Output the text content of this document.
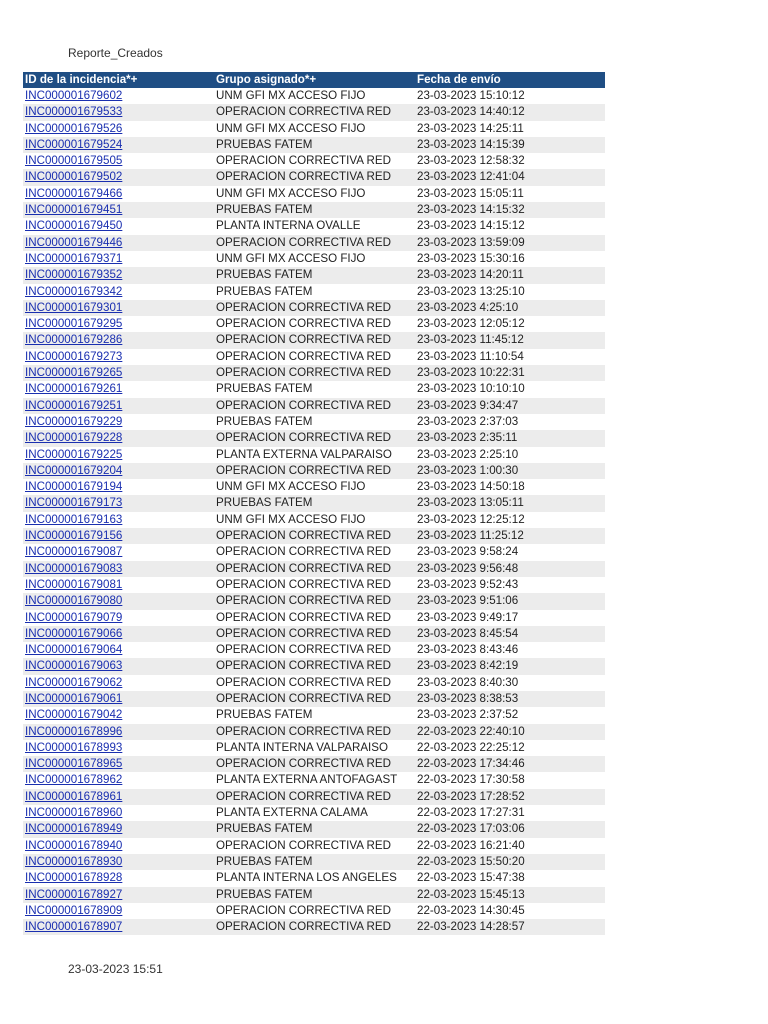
Reporte_Creados
ID de la incidencia*+	Grupo asignado*+	Fecha de envío
INC000001679602	UNM GFI MX ACCESO FIJO	23-03-2023 15:10:12
INC000001679533	OPERACION CORRECTIVA RED	23-03-2023 14:40:12
INC000001679526	UNM GFI MX ACCESO FIJO	23-03-2023 14:25:11
INC000001679524	PRUEBAS FATEM	23-03-2023 14:15:39
INC000001679505	OPERACION CORRECTIVA RED	23-03-2023 12:58:32
INC000001679502	OPERACION CORRECTIVA RED	23-03-2023 12:41:04
INC000001679466	UNM GFI MX ACCESO FIJO	23-03-2023 15:05:11
INC000001679451	PRUEBAS FATEM	23-03-2023 14:15:32
INC000001679450	PLANTA INTERNA OVALLE	23-03-2023 14:15:12
INC000001679446	OPERACION CORRECTIVA RED	23-03-2023 13:59:09
INC000001679371	UNM GFI MX ACCESO FIJO	23-03-2023 15:30:16
INC000001679352	PRUEBAS FATEM	23-03-2023 14:20:11
INC000001679342	PRUEBAS FATEM	23-03-2023 13:25:10
INC000001679301	OPERACION CORRECTIVA RED	23-03-2023 4:25:10
INC000001679295	OPERACION CORRECTIVA RED	23-03-2023 12:05:12
INC000001679286	OPERACION CORRECTIVA RED	23-03-2023 11:45:12
INC000001679273	OPERACION CORRECTIVA RED	23-03-2023 11:10:54
INC000001679265	OPERACION CORRECTIVA RED	23-03-2023 10:22:31
INC000001679261	PRUEBAS FATEM	23-03-2023 10:10:10
INC000001679251	OPERACION CORRECTIVA RED	23-03-2023 9:34:47
INC000001679229	PRUEBAS FATEM	23-03-2023 2:37:03
INC000001679228	OPERACION CORRECTIVA RED	23-03-2023 2:35:11
INC000001679225	PLANTA EXTERNA VALPARAISO	23-03-2023 2:25:10
INC000001679204	OPERACION CORRECTIVA RED	23-03-2023 1:00:30
INC000001679194	UNM GFI MX ACCESO FIJO	23-03-2023 14:50:18
INC000001679173	PRUEBAS FATEM	23-03-2023 13:05:11
INC000001679163	UNM GFI MX ACCESO FIJO	23-03-2023 12:25:12
INC000001679156	OPERACION CORRECTIVA RED	23-03-2023 11:25:12
INC000001679087	OPERACION CORRECTIVA RED	23-03-2023 9:58:24
INC000001679083	OPERACION CORRECTIVA RED	23-03-2023 9:56:48
INC000001679081	OPERACION CORRECTIVA RED	23-03-2023 9:52:43
INC000001679080	OPERACION CORRECTIVA RED	23-03-2023 9:51:06
INC000001679079	OPERACION CORRECTIVA RED	23-03-2023 9:49:17
INC000001679066	OPERACION CORRECTIVA RED	23-03-2023 8:45:54
INC000001679064	OPERACION CORRECTIVA RED	23-03-2023 8:43:46
INC000001679063	OPERACION CORRECTIVA RED	23-03-2023 8:42:19
INC000001679062	OPERACION CORRECTIVA RED	23-03-2023 8:40:30
INC000001679061	OPERACION CORRECTIVA RED	23-03-2023 8:38:53
INC000001679042	PRUEBAS FATEM	23-03-2023 2:37:52
INC000001678996	OPERACION CORRECTIVA RED	22-03-2023 22:40:10
INC000001678993	PLANTA INTERNA VALPARAISO	22-03-2023 22:25:12
INC000001678965	OPERACION CORRECTIVA RED	22-03-2023 17:34:46
INC000001678962	PLANTA EXTERNA ANTOFAGAST	22-03-2023 17:30:58
INC000001678961	OPERACION CORRECTIVA RED	22-03-2023 17:28:52
INC000001678960	PLANTA EXTERNA CALAMA	22-03-2023 17:27:31
INC000001678949	PRUEBAS FATEM	22-03-2023 17:03:06
INC000001678940	OPERACION CORRECTIVA RED	22-03-2023 16:21:40
INC000001678930	PRUEBAS FATEM	22-03-2023 15:50:20
INC000001678928	PLANTA INTERNA LOS ANGELES	22-03-2023 15:47:38
INC000001678927	PRUEBAS FATEM	22-03-2023 15:45:13
INC000001678909	OPERACION CORRECTIVA RED	22-03-2023 14:30:45
INC000001678907	OPERACION CORRECTIVA RED	22-03-2023 14:28:57
23-03-2023 15:51
